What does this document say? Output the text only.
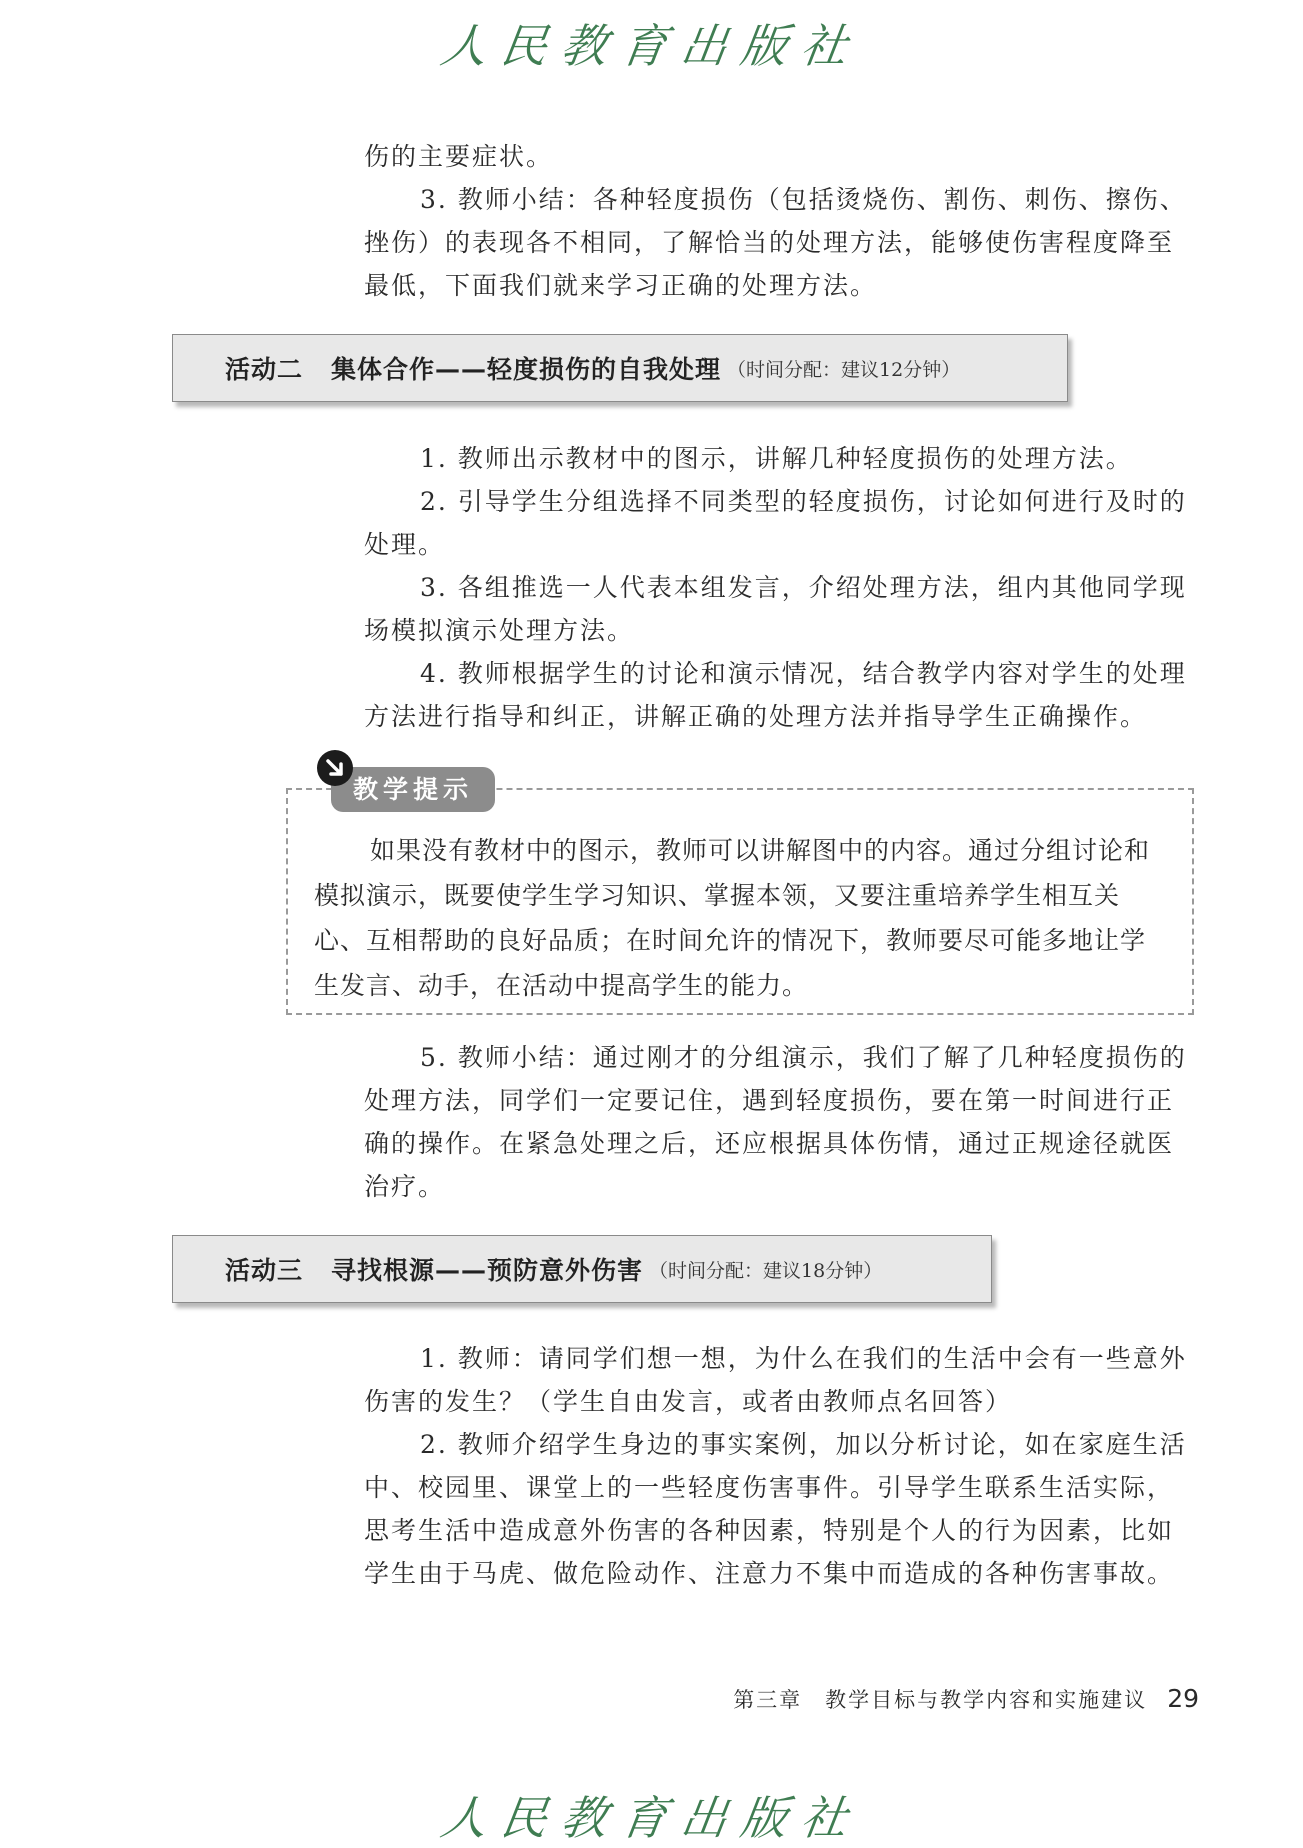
人民教育出版社

伤的主要症状。

3. 教师小结：各种轻度损伤（包括烫烧伤、割伤、刺伤、擦伤、挫伤）的表现各不相同，了解恰当的处理方法，能够使伤害程度降至最低，下面我们就来学习正确的处理方法。

活动二 集体合作——轻度损伤的自我处理 （时间分配：建议12分钟）

1. 教师出示教材中的图示，讲解几种轻度损伤的处理方法。

2. 引导学生分组选择不同类型的轻度损伤，讨论如何进行及时的处理。

3. 各组推选一人代表本组发言，介绍处理方法，组内其他同学现场模拟演示处理方法。

4. 教师根据学生的讨论和演示情况，结合教学内容对学生的处理方法进行指导和纠正，讲解正确的处理方法并指导学生正确操作。

教学提示

如果没有教材中的图示，教师可以讲解图中的内容。通过分组讨论和模拟演示，既要使学生学习知识、掌握本领，又要注重培养学生相互关心、互相帮助的良好品质；在时间允许的情况下，教师要尽可能多地让学生发言、动手，在活动中提高学生的能力。

5. 教师小结：通过刚才的分组演示，我们了解了几种轻度损伤的处理方法，同学们一定要记住，遇到轻度损伤，要在第一时间进行正确的操作。在紧急处理之后，还应根据具体伤情，通过正规途径就医治疗。

活动三 寻找根源——预防意外伤害 （时间分配：建议18分钟）

1. 教师：请同学们想一想，为什么在我们的生活中会有一些意外伤害的发生？（学生自由发言，或者由教师点名回答）

2. 教师介绍学生身边的事实案例，加以分析讨论，如在家庭生活中、校园里、课堂上的一些轻度伤害事件。引导学生联系生活实际，思考生活中造成意外伤害的各种因素，特别是个人的行为因素，比如学生由于马虎、做危险动作、注意力不集中而造成的各种伤害事故。

第三章　教学目标与教学内容和实施建议 29
人民教育出版社
